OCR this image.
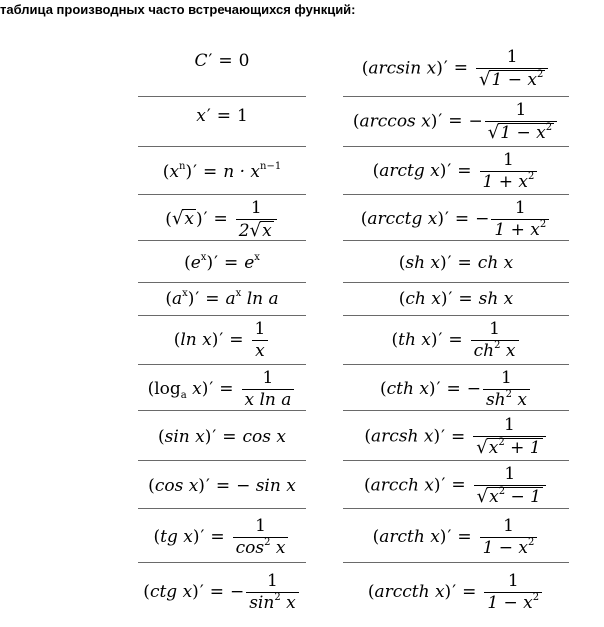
таблица производных часто встречающихся функций:
C′ = 0
x′ = 1
$(x^n)' = n \cdot x^{n-1}$
( √ x )′ = $\frac{1}{2 √ x}$
$(e^x)' = e^x$
$(a^x)' = a^x$ ln a
(ln $x)' = \frac{1}{x}$
($\log_a$ $x)' = \frac{1}{\text{x ln a}}$
(sin x)′ = cos x
(cos x)′ = − sin x
(tg $x)' = \frac{1}{\cos^2 x}$
(ctg x)′ = − $\frac{1}{\sin^2 x}$
(arcsin $x)' = \frac{1}{√ 1 - x^2}$
(arccos x)′ = − $\frac{1}{√ 1 - x^2}$
(arctg $x)' = \frac{1}{1 + x^2}$
(arcctg x)′ = − $\frac{1}{1 + x^2}$
(sh x)′ = ch x
(ch x)′ = sh x
(th $x)' = \frac{1}{ch^2 x}$
(cth x)′ = − $\frac{1}{sh^2 x}$
(arcsh $x)' = \frac{1}{√ x^2 + 1}$
(arcch $x)' = \frac{1}{√ x^2 - 1}$
(arcth $x)' = \frac{1}{1 - x^2}$
(arccth $x)' = \frac{1}{1 - x^2}$
